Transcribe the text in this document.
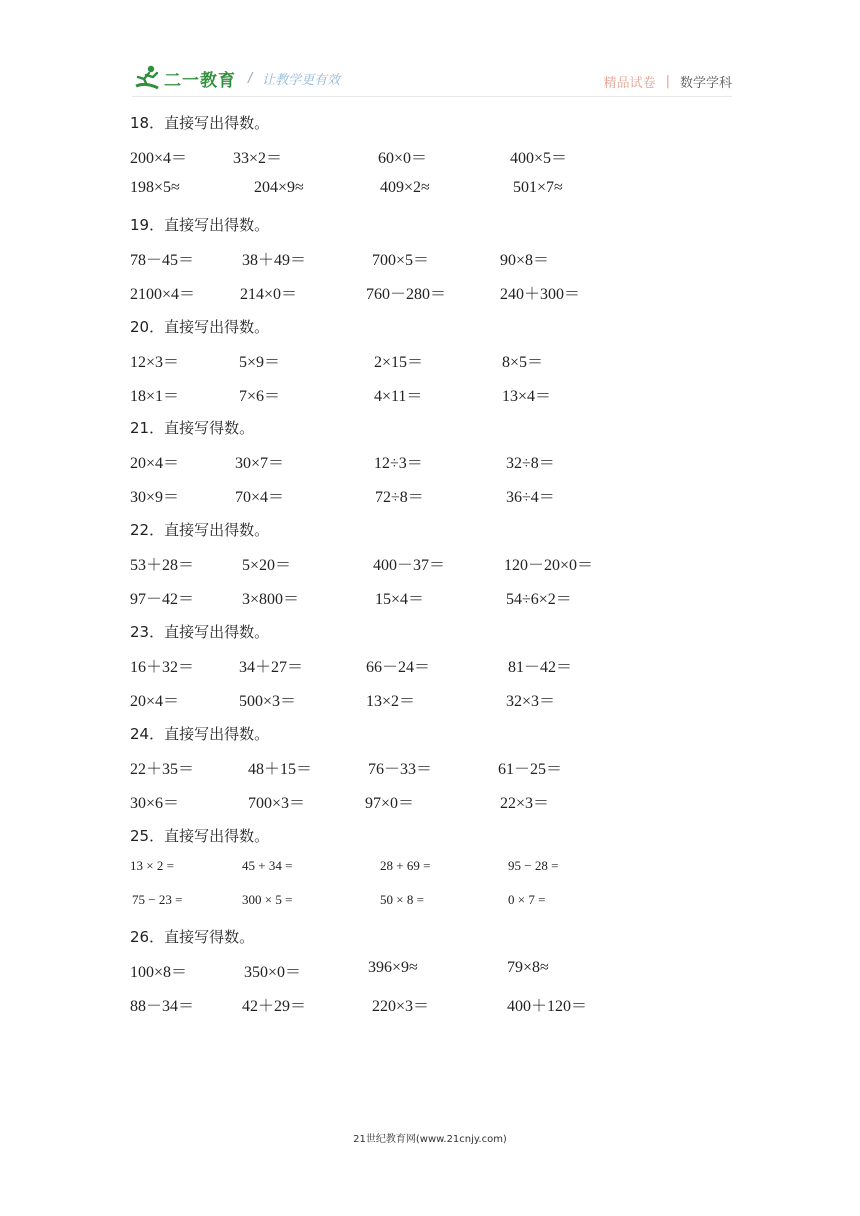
二一教育 / 让教学更有效	精品试卷 | 数学学科
18．直接写出得数。
200×4＝	33×2＝	60×0＝	400×5＝
198×5≈	204×9≈	409×2≈	501×7≈
19．直接写出得数。
78－45＝	38＋49＝	700×5＝	90×8＝
2100×4＝	214×0＝	760－280＝	240＋300＝
20．直接写出得数。
12×3＝	5×9＝	2×15＝	8×5＝
18×1＝	7×6＝	4×11＝	13×4＝
21．直接写得数。
20×4＝	30×7＝	12÷3＝	32÷8＝
30×9＝	70×4＝	72÷8＝	36÷4＝
22．直接写出得数。
53＋28＝	5×20＝	400－37＝	120－20×0＝
97－42＝	3×800＝	15×4＝	54÷6×2＝
23．直接写出得数。
16＋32＝	34＋27＝	66－24＝	81－42＝
20×4＝	500×3＝	13×2＝	32×3＝
24．直接写出得数。
22＋35＝	48＋15＝	76－33＝	61－25＝
30×6＝	700×3＝	97×0＝	22×3＝
25．直接写出得数。
13 × 2 =	45 + 34 =	28 + 69 =	95 − 28 =
75 − 23 =	300 × 5 =	50 × 8 =	0 × 7 =
26．直接写得数。
100×8＝	350×0＝	396×9≈	79×8≈
88－34＝	42＋29＝	220×3＝	400＋120＝
21世纪教育网(www.21cnjy.com)
